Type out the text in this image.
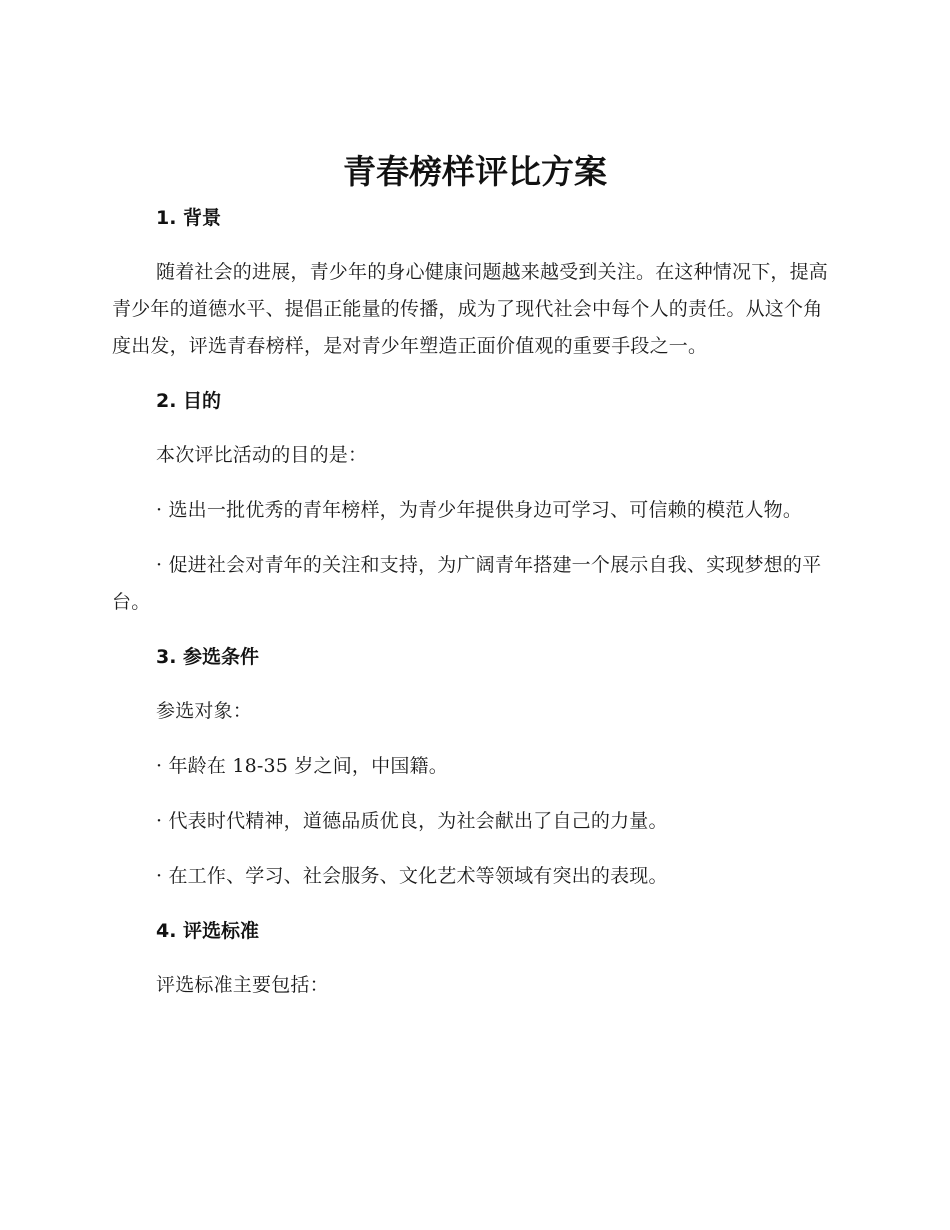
青春榜样评比方案

1. 背景

随着社会的进展，青少年的身心健康问题越来越受到关注。在这种情况下，提高青少年的道德水平、提倡正能量的传播，成为了现代社会中每个人的责任。从这个角度出发，评选青春榜样，是对青少年塑造正面价值观的重要手段之一。

2. 目的

本次评比活动的目的是：

· 选出一批优秀的青年榜样，为青少年提供身边可学习、可信赖的模范人物。

· 促进社会对青年的关注和支持，为广阔青年搭建一个展示自我、实现梦想的平台。

3. 参选条件

参选对象：

· 年龄在 18-35 岁之间，中国籍。

· 代表时代精神，道德品质优良，为社会献出了自己的力量。

· 在工作、学习、社会服务、文化艺术等领域有突出的表现。

4. 评选标准

评选标准主要包括：
